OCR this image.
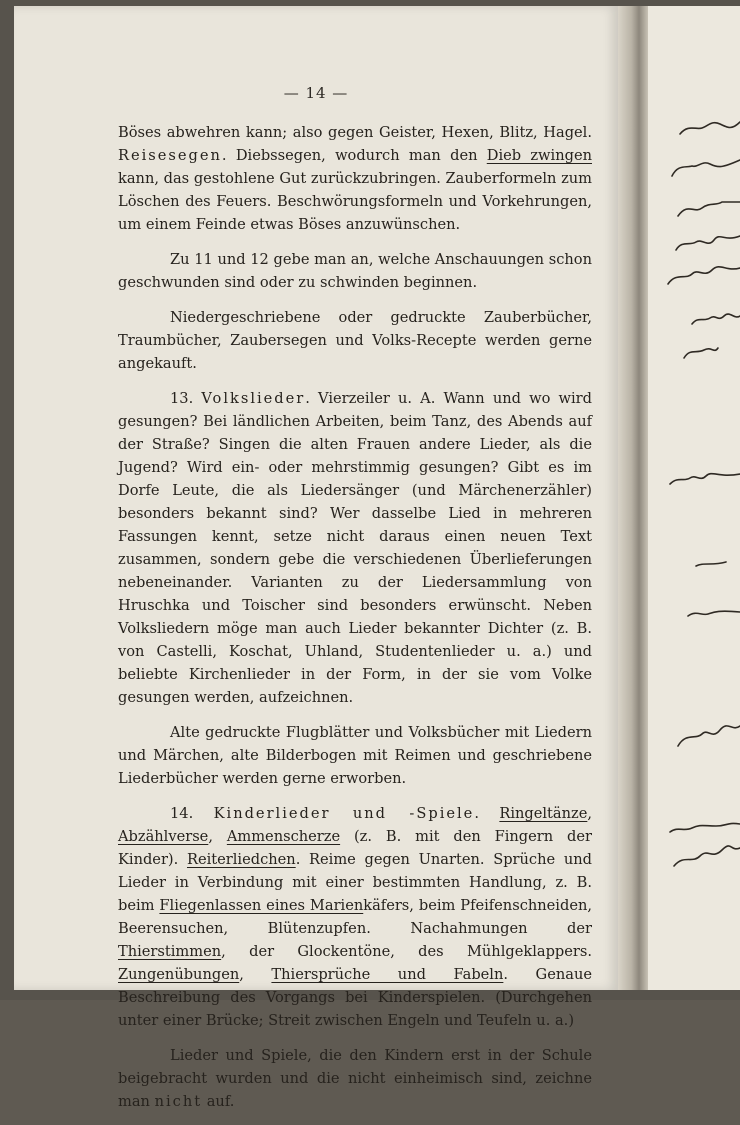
— 14 —

Böses abwehren kann; also gegen Geister, Hexen, Blitz, Hagel. Reisesegen. Diebssegen, wodurch man den Dieb zwingen kann, das gestohlene Gut zurückzubringen. Zauberformeln zum Löschen des Feuers. Beschwörungsformeln und Vorkehrungen, um einem Feinde etwas Böses anzuwünschen.

Zu 11 und 12 gebe man an, welche Anschauungen schon geschwunden sind oder zu schwinden beginnen.

Niedergeschriebene oder gedruckte Zauberbücher, Traumbücher, Zaubersegen und Volks-Recepte werden gerne angekauft.

13. Volkslieder. Vierzeiler u. A. Wann und wo wird gesungen? Bei ländlichen Arbeiten, beim Tanz, des Abends auf der Straße? Singen die alten Frauen andere Lieder, als die Jugend? Wird ein- oder mehrstimmig gesungen? Gibt es im Dorfe Leute, die als Liedersänger (und Märchenerzähler) besonders bekannt sind? Wer dasselbe Lied in mehreren Fassungen kennt, setze nicht daraus einen neuen Text zusammen, sondern gebe die verschiedenen Überlieferungen nebeneinander. Varianten zu der Liedersammlung von Hruschka und Toischer sind besonders erwünscht. Neben Volksliedern möge man auch Lieder bekannter Dichter (z. B. von Castelli, Koschat, Uhland, Studentenlieder u. a.) und beliebte Kirchenlieder in der Form, in der sie vom Volke gesungen werden, aufzeichnen.

Alte gedruckte Flugblätter und Volksbücher mit Liedern und Märchen, alte Bilderbogen mit Reimen und geschriebene Liederbücher werden gerne erworben.

14. Kinderlieder und -Spiele. Ringeltänze, Abzählverse, Ammenscherze (z. B. mit den Fingern der Kinder). Reiterliedchen. Reime gegen Unarten. Sprüche und Lieder in Verbindung mit einer bestimmten Handlung, z. B. beim Fliegenlassen eines Marienkäfers, beim Pfeifenschneiden, Beerensuchen, Blütenzupfen. Nachahmungen der Thierstimmen, der Glockentöne, des Mühlgeklappers. Zungenübungen, Thiersprüche und Fabeln. Genaue Beschreibung des Vorgangs bei Kinderspielen. (Durchgehen unter einer Brücke; Streit zwischen Engeln und Teufeln u. a.)

Lieder und Spiele, die den Kindern erst in der Schule beigebracht wurden und die nicht einheimisch sind, zeichne man nicht auf.
